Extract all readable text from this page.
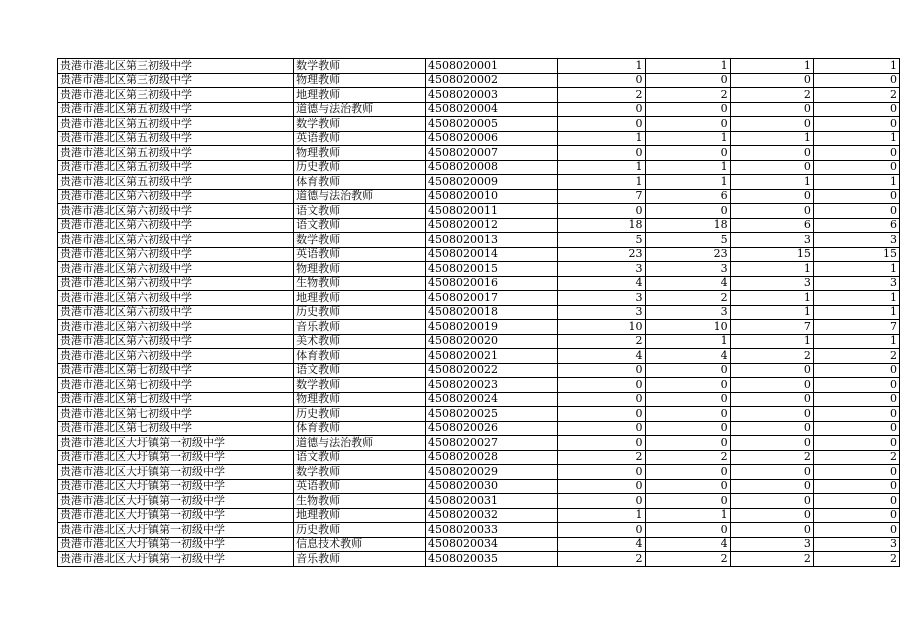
贵港市港北区第三初级中学	数学教师	4508020001	1	1	1	1
贵港市港北区第三初级中学	物理教师	4508020002	0	0	0	0
贵港市港北区第三初级中学	地理教师	4508020003	2	2	2	2
贵港市港北区第五初级中学	道德与法治教师	4508020004	0	0	0	0
贵港市港北区第五初级中学	数学教师	4508020005	0	0	0	0
贵港市港北区第五初级中学	英语教师	4508020006	1	1	1	1
贵港市港北区第五初级中学	物理教师	4508020007	0	0	0	0
贵港市港北区第五初级中学	历史教师	4508020008	1	1	0	0
贵港市港北区第五初级中学	体育教师	4508020009	1	1	1	1
贵港市港北区第六初级中学	道德与法治教师	4508020010	7	6	0	0
贵港市港北区第六初级中学	语文教师	4508020011	0	0	0	0
贵港市港北区第六初级中学	语文教师	4508020012	18	18	6	6
贵港市港北区第六初级中学	数学教师	4508020013	5	5	3	3
贵港市港北区第六初级中学	英语教师	4508020014	23	23	15	15
贵港市港北区第六初级中学	物理教师	4508020015	3	3	1	1
贵港市港北区第六初级中学	生物教师	4508020016	4	4	3	3
贵港市港北区第六初级中学	地理教师	4508020017	3	2	1	1
贵港市港北区第六初级中学	历史教师	4508020018	3	3	1	1
贵港市港北区第六初级中学	音乐教师	4508020019	10	10	7	7
贵港市港北区第六初级中学	美术教师	4508020020	2	1	1	1
贵港市港北区第六初级中学	体育教师	4508020021	4	4	2	2
贵港市港北区第七初级中学	语文教师	4508020022	0	0	0	0
贵港市港北区第七初级中学	数学教师	4508020023	0	0	0	0
贵港市港北区第七初级中学	物理教师	4508020024	0	0	0	0
贵港市港北区第七初级中学	历史教师	4508020025	0	0	0	0
贵港市港北区第七初级中学	体育教师	4508020026	0	0	0	0
贵港市港北区大圩镇第一初级中学	道德与法治教师	4508020027	0	0	0	0
贵港市港北区大圩镇第一初级中学	语文教师	4508020028	2	2	2	2
贵港市港北区大圩镇第一初级中学	数学教师	4508020029	0	0	0	0
贵港市港北区大圩镇第一初级中学	英语教师	4508020030	0	0	0	0
贵港市港北区大圩镇第一初级中学	生物教师	4508020031	0	0	0	0
贵港市港北区大圩镇第一初级中学	地理教师	4508020032	1	1	0	0
贵港市港北区大圩镇第一初级中学	历史教师	4508020033	0	0	0	0
贵港市港北区大圩镇第一初级中学	信息技术教师	4508020034	4	4	3	3
贵港市港北区大圩镇第一初级中学	音乐教师	4508020035	2	2	2	2
